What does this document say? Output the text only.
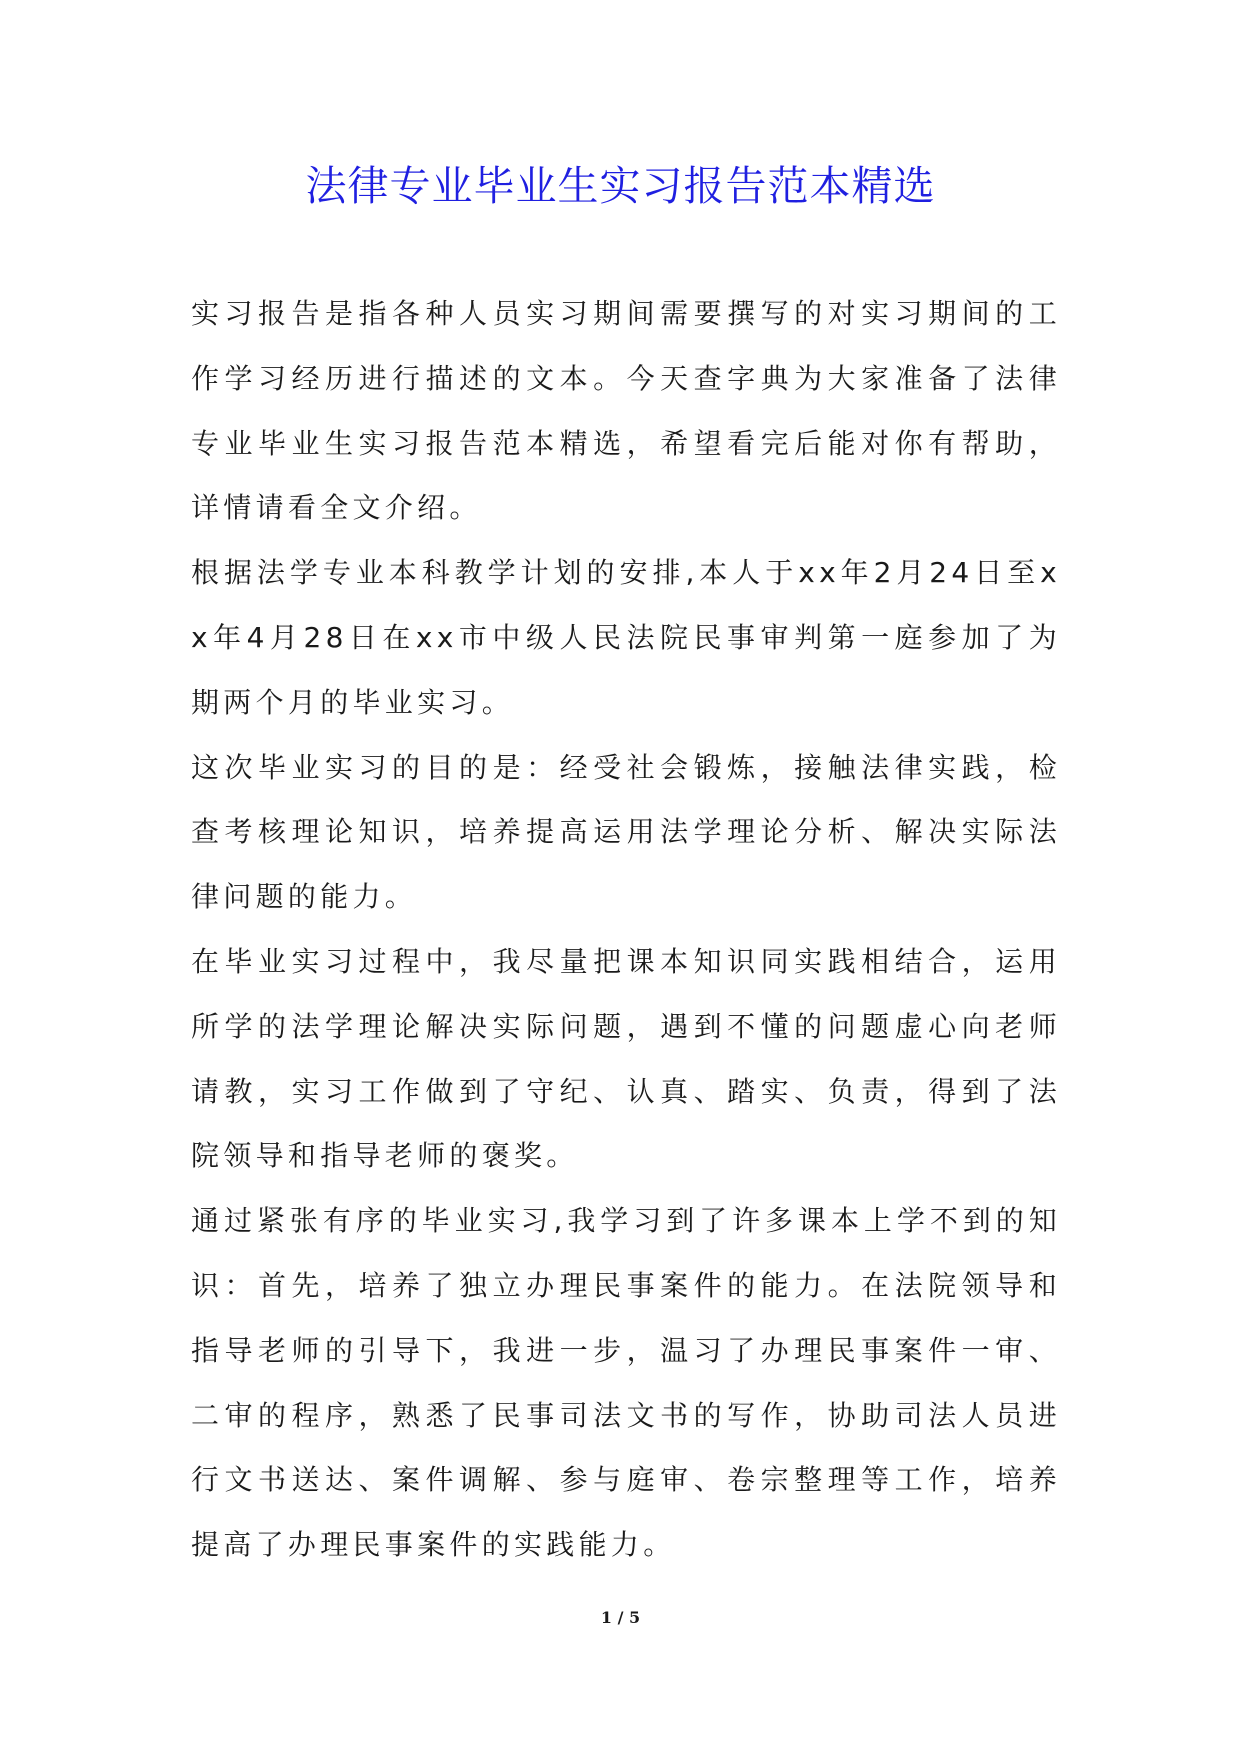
法律专业毕业生实习报告范本精选

实习报告是指各种人员实习期间需要撰写的对实习期间的工作学习经历进行描述的文本。今天查字典为大家准备了法律专业毕业生实习报告范本精选，希望看完后能对你有帮助，详情请看全文介绍。

根据法学专业本科教学计划的安排,本人于xx年2月24日至xx年4月28日在xx市中级人民法院民事审判第一庭参加了为期两个月的毕业实习。

这次毕业实习的目的是：经受社会锻炼，接触法律实践，检查考核理论知识，培养提高运用法学理论分析、解决实际法律问题的能力。

在毕业实习过程中，我尽量把课本知识同实践相结合，运用所学的法学理论解决实际问题，遇到不懂的问题虚心向老师请教，实习工作做到了守纪、认真、踏实、负责，得到了法院领导和指导老师的褒奖。

通过紧张有序的毕业实习,我学习到了许多课本上学不到的知识：首先，培养了独立办理民事案件的能力。在法院领导和指导老师的引导下，我进一步，温习了办理民事案件一审、二审的程序，熟悉了民事司法文书的写作，协助司法人员进行文书送达、案件调解、参与庭审、卷宗整理等工作，培养提高了办理民事案件的实践能力。

1 / 5
